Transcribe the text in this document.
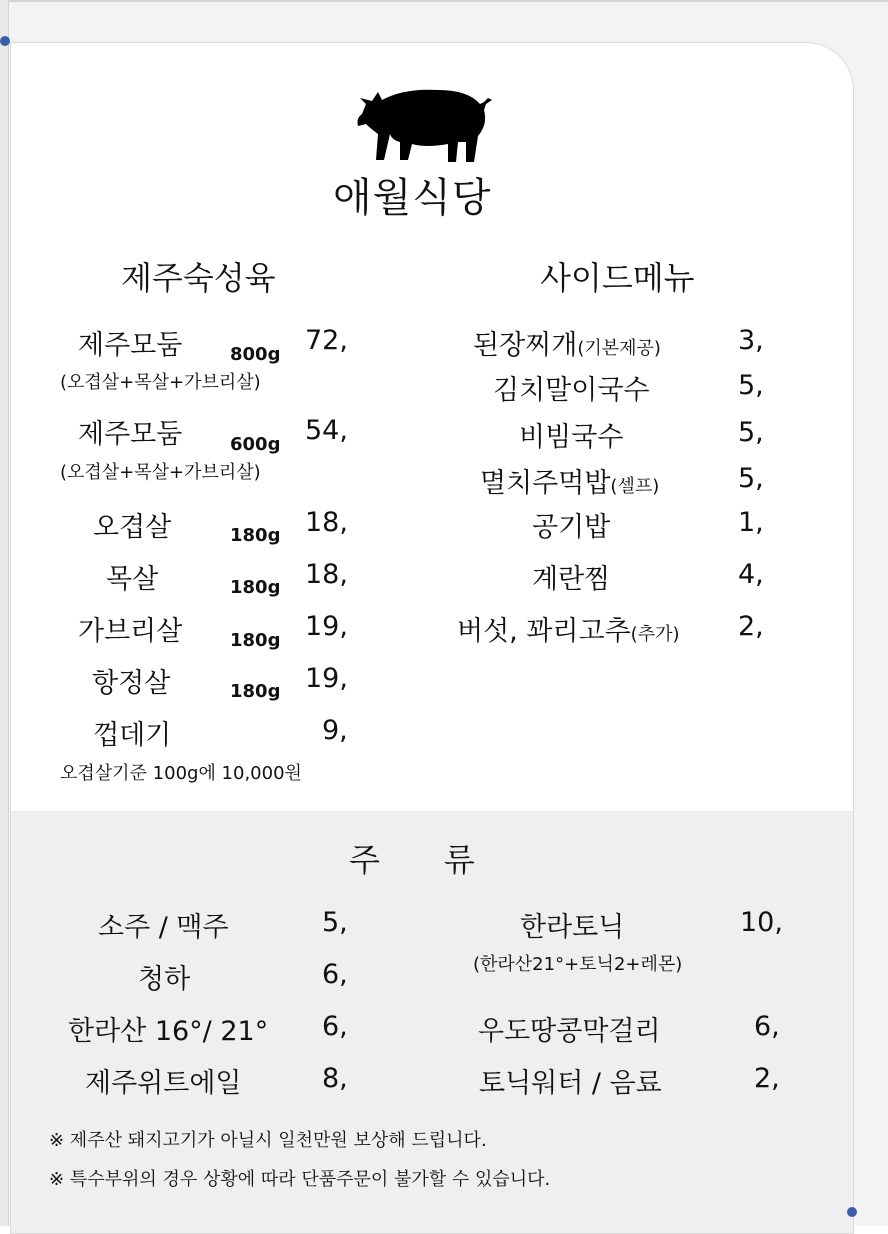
애월식당
제주숙성육
제주모둠	800g 72,
(오겹살+목살+가브리살)
제주모둠	600g 54,
(오겹살+목살+가브리살)
오겹살	180g 18,
목살	180g 18,
가브리살	180g 19,
항정살	180g 19,
껍데기	9,
오겹살기준 100g에 10,000원
사이드메뉴
된장찌개(기본제공)	3,
김치말이국수	5,
비빔국수	5,
멸치주먹밥(셀프)	5,
공기밥	1,
계란찜	4,
버섯, 꽈리고추(추가) 2,
주　　류
소주 / 맥주	5,
청하	6,
한라산 16°/ 21° 6,
제주위트에일	8,
한라토닉	10,
(한라산21°+토닉2+레몬)
우도땅콩막걸리	6,
토닉워터 / 음료	2,
※ 제주산 돼지고기가 아닐시 일천만원 보상해 드립니다.
※ 특수부위의 경우 상황에 따라 단품주문이 불가할 수 있습니다.
